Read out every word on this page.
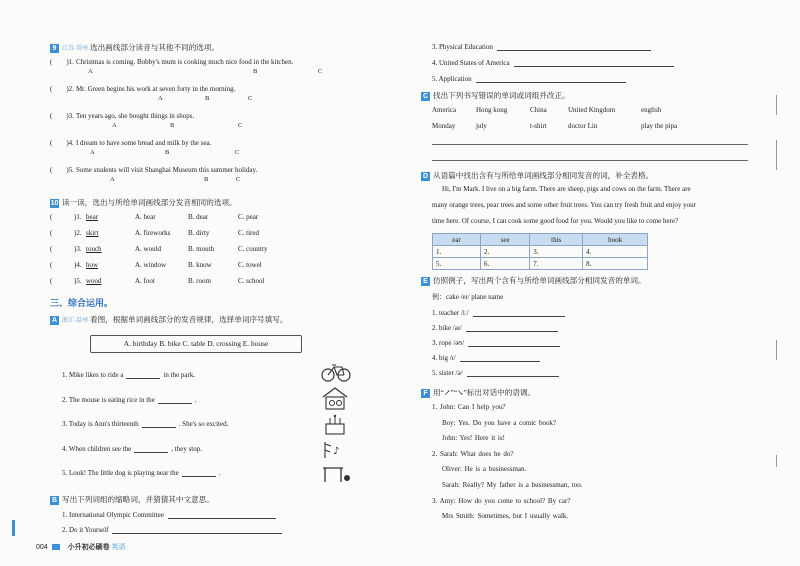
9 江苏·常州 选出画线部分读音与其他不同的选项。
( )1. Christmas is coming. Bobby's mum is cooking much nice food in the kitchen.
A	B	C
( )2. Mr. Green begins his work at seven forty in the morning.
A	B	C
( )3. Ten years ago, she bought things in shops.
A	B	C
( )4. I dream to have some bread and milk by the sea.
A	B	C
( )5. Some students will visit Shanghai Museum this summer holiday.
A	B	C
10 读一读，选出与所给单词画线部分发音相同的选项。
(	)1. bear	A. hear	B. dear	C. pear
(	)2. skirt	A. fireworks	B. dirty	C. tired
(	)3. touch	A. would	B. mouth	C. country
(	)4. how	A. window	B. know	C. towel
(	)5. wood	A. foot	B. room	C. school
三、综合运用。
A 浙江·温州 看图，根据单词画线部分的发音规律，选择单词序号填写。
A. birthday B. bike C. table D. crossing E. house
1. Mike likes to ride a	in the park.
2. The mouse is eating rice in the	.
3. Today is Ann's thirteenth	. She's so excited.
4. When children see the	, they stop.
5. Look! The little dog is playing near the	.
♪
B 写出下列词组的缩略词，并猜猜其中文意思。
1. International Olympic Committee
2. Do it Yourself
004	小升初必刷卷 英语
3. Physical Education
4. United States of America
5. Application
C 找出下列书写错误的单词或词组并改正。
America	Hong kong	China	United Kingdom	english
Monday	july	t-shirt	doctor Lin	play the pipa
D 从语篇中找出含有与所给单词画线部分相同发音的词，补全表格。
Hi, I'm Mark. I live on a big farm. There are sheep, pigs and cows on the farm. There are
many orange trees, pear trees and some other fruit trees. You can try fresh fruit and enjoy your
time here. Of course, I can cook some good food for you. Would you like to come here?
ear	see	this	book
1.	2.	3.	4.
5.	6.	7.	8.
E 仿照例子，写出两个含有与所给单词画线部分相同发音的单词。
例：cake /eɪ/ plane name
1. teacher /iː/
2. bike /aɪ/
3. rope /əʊ/
4. big /ɪ/
5. sister /ə/
F 用“↗”“↘”标出对话中的语调。
1. John: Can I help you?
Boy: Yes. Do you have a comic book?
John: Yes! Here it is!
2. Sarah: What does he do?
Oliver: He is a businessman.
Sarah: Really? My father is a businessman, too.
3. Amy: How do you come to school? By car?
Mrs Smith: Sometimes, but I usually walk.
